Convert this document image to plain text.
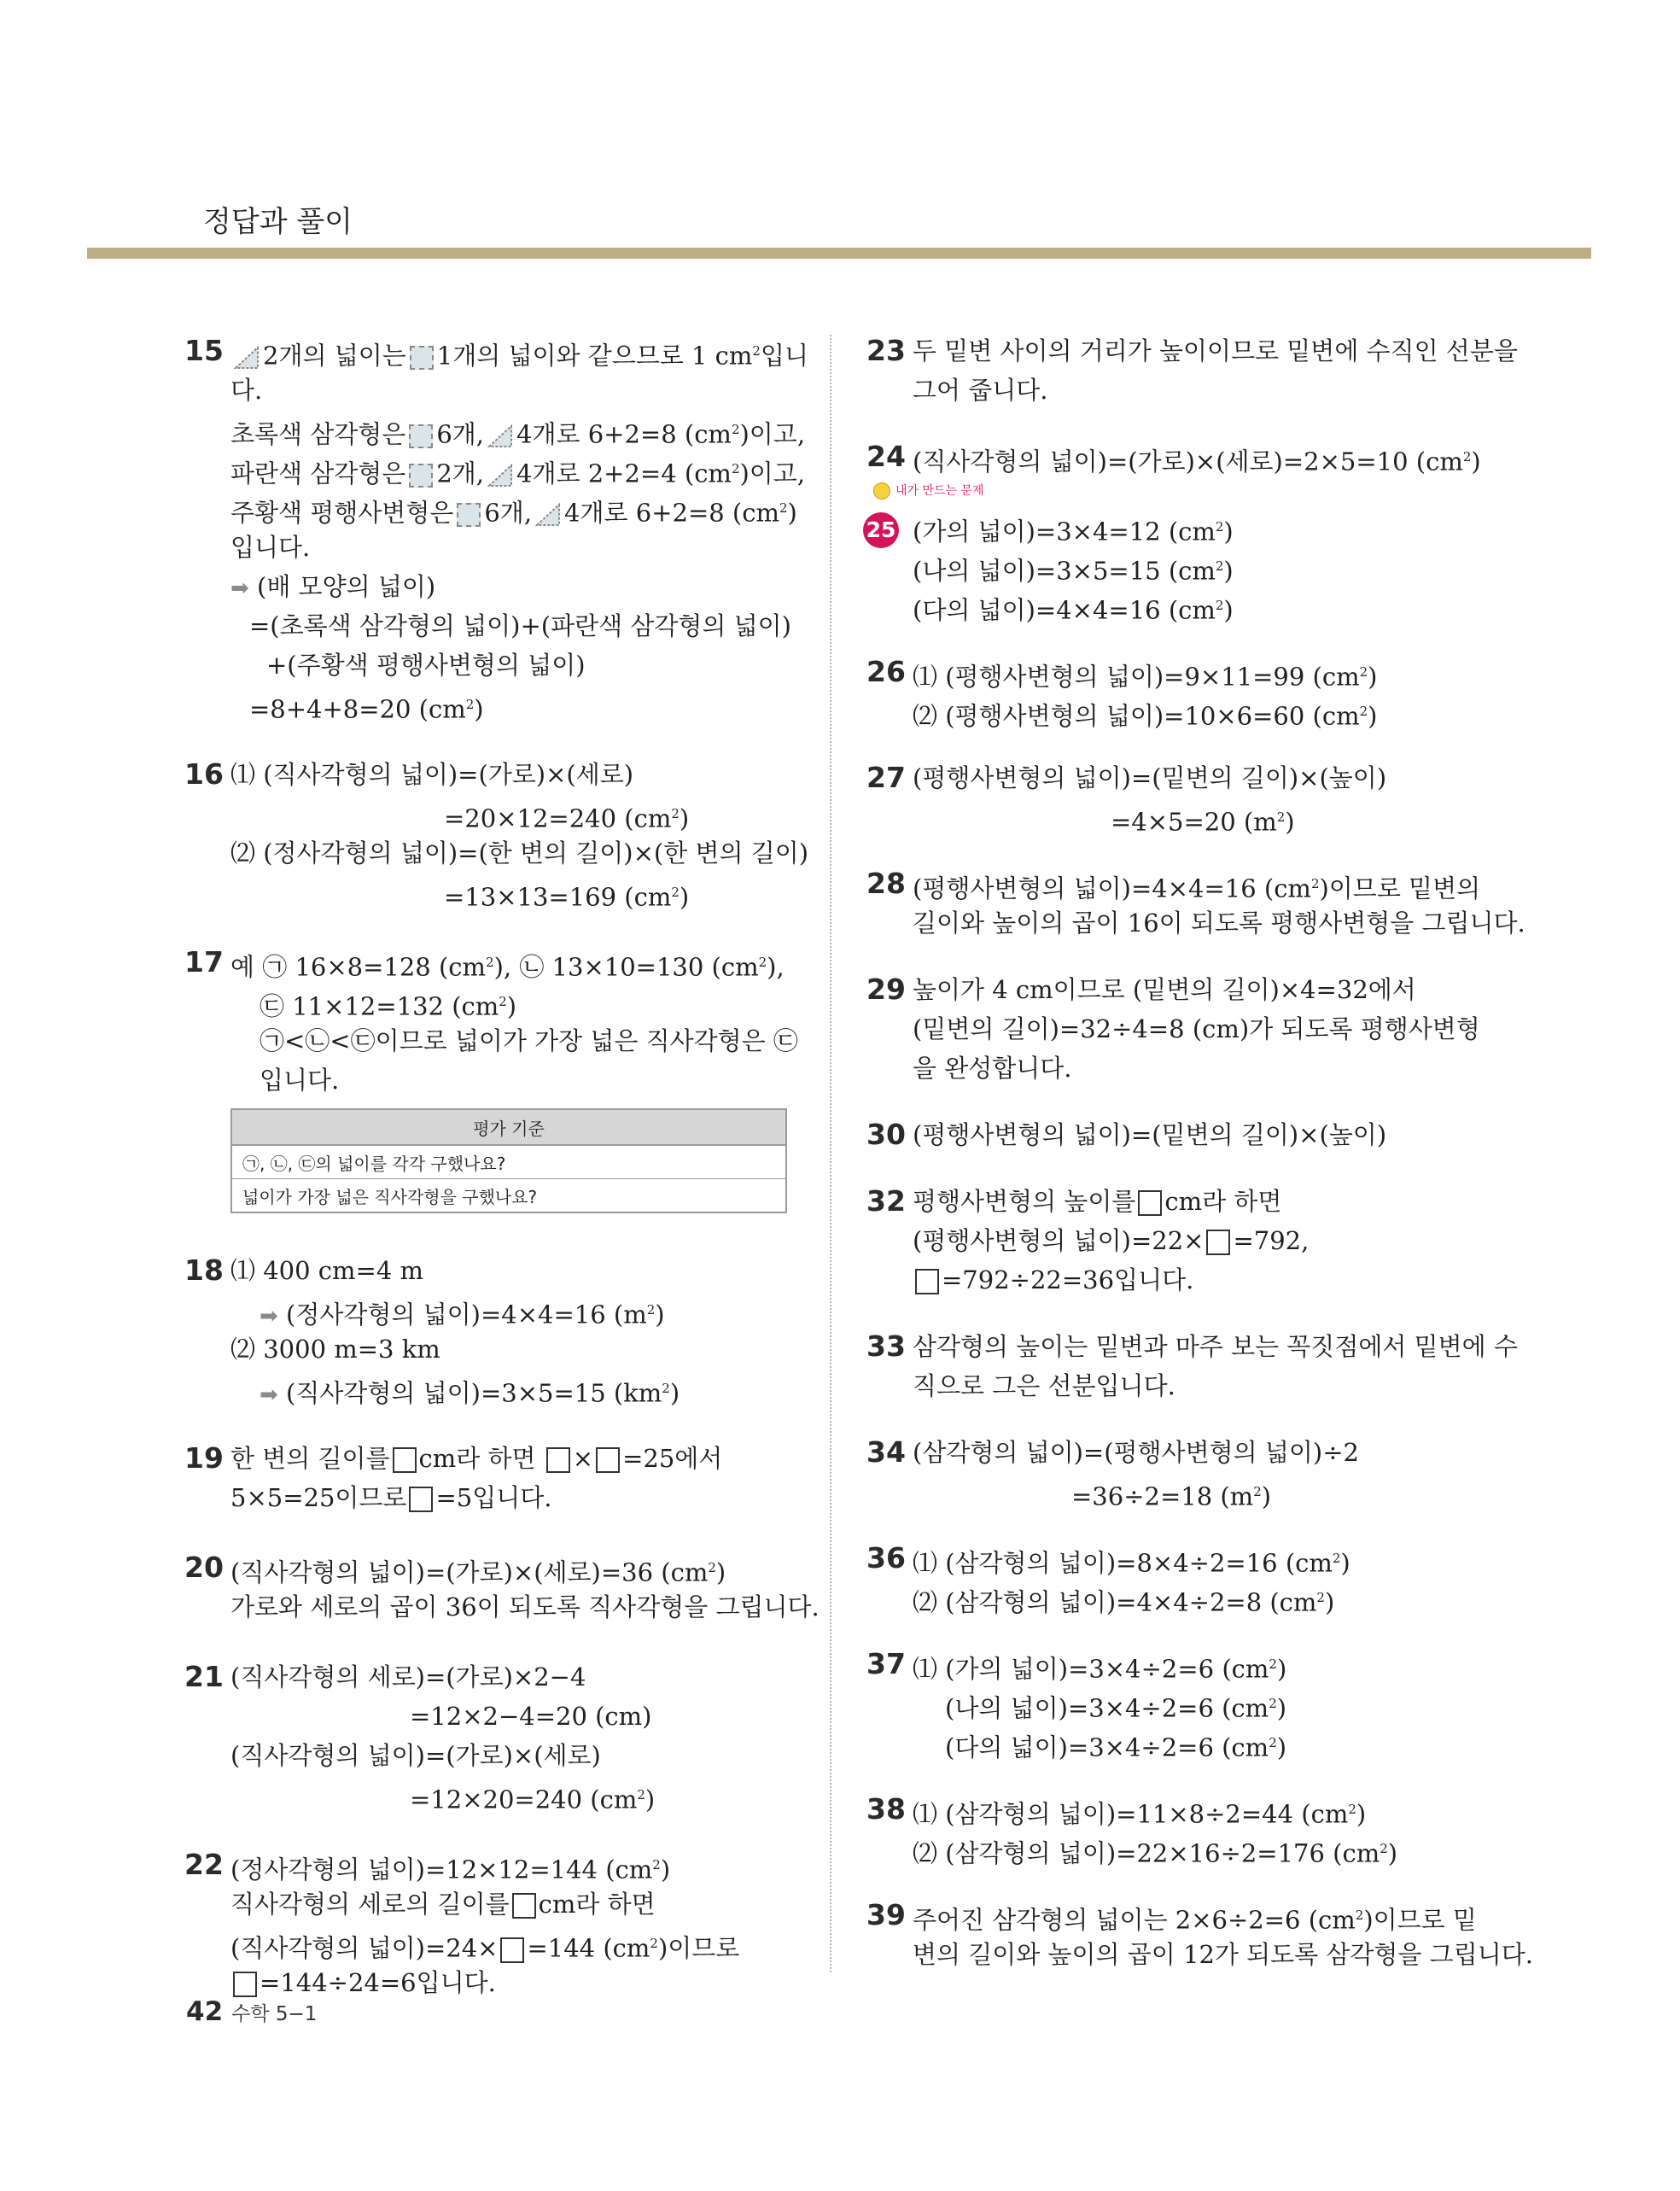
정답과 풀이
15	2개의 넓이는 1개의 넓이와 같으므로 1 $cm^2$입니
다.
초록색 삼각형은 6개, 4개로 6+2=8 $(cm^2)$이고,
파란색 삼각형은 2개, 4개로 2+2=4 $(cm^2)$이고,
주황색 평행사변형은 6개, 4개로 6+2=8 $(cm^2)$
입니다.
➡ (배 모양의 넓이)
=(초록색 삼각형의 넓이)+(파란색 삼각형의 넓이)
+(주황색 평행사변형의 넓이)
=8+4+8=20 $(cm^2)$
16 ⑴ (직사각형의 넓이)=(가로)×(세로)
=20×12=240 $(cm^2)$
⑵ (정사각형의 넓이)=(한 변의 길이)×(한 변의 길이)
=13×13=169 $(cm^2)$
17 예 ㉠ 16×8=128 $(cm^2)$, ㉡ 13×10=130 $(cm^2)$,
㉢ 11×12=132 $(cm^2)$
㉠<㉡<㉢이므로 넓이가 가장 넓은 직사각형은 ㉢
입니다.
평가 기준
㉠, ㉡, ㉢의 넓이를 각각 구했나요?
넓이가 가장 넓은 직사각형을 구했나요?
18 ⑴ 400 cm=4 m
➡ (정사각형의 넓이)=4×4=16 $(m^2)$
⑵ 3000 m=3 km
➡ (직사각형의 넓이)=3×5=15 $(km^2)$
19 한 변의 길이를 cm라 하면 × =25에서
5×5=25이므로 =5입니다.
20 (직사각형의 넓이)=(가로)×(세로)=36 $(cm^2)$
가로와 세로의 곱이 36이 되도록 직사각형을 그립니다.
21 (직사각형의 세로)=(가로)×2−4
=12×2−4=20 (cm)
(직사각형의 넓이)=(가로)×(세로)
=12×20=240 $(cm^2)$
22 (정사각형의 넓이)=12×12=144 $(cm^2)$
직사각형의 세로의 길이를 cm라 하면
(직사각형의 넓이)=24× =144 $(cm^2)$이므로
=144÷24=6입니다.
23 두 밑변 사이의 거리가 높이이므로 밑변에 수직인 선분을
그어 줍니다.
24 (직사각형의 넓이)=(가로)×(세로)=2×5=10 $(cm^2)$
내가 만드는 문제
25 (가의 넓이)=3×4=12 $(cm^2)$
(나의 넓이)=3×5=15 $(cm^2)$
(다의 넓이)=4×4=16 $(cm^2)$
26 ⑴ (평행사변형의 넓이)=9×11=99 $(cm^2)$
⑵ (평행사변형의 넓이)=10×6=60 $(cm^2)$
27 (평행사변형의 넓이)=(밑변의 길이)×(높이)
=4×5=20 $(m^2)$
28 (평행사변형의 넓이)=4×4=16 $(cm^2)$이므로 밑변의
길이와 높이의 곱이 16이 되도록 평행사변형을 그립니다.
29 높이가 4 cm이므로 (밑변의 길이)×4=32에서
(밑변의 길이)=32÷4=8 (cm)가 되도록 평행사변형
을 완성합니다.
30 (평행사변형의 넓이)=(밑변의 길이)×(높이)
32 평행사변형의 높이를 cm라 하면
(평행사변형의 넓이)=22× =792,
=792÷22=36입니다.
33 삼각형의 높이는 밑변과 마주 보는 꼭짓점에서 밑변에 수
직으로 그은 선분입니다.
34 (삼각형의 넓이)=(평행사변형의 넓이)÷2
=36÷2=18 $(m^2)$
36 ⑴ (삼각형의 넓이)=8×4÷2=16 $(cm^2)$
⑵ (삼각형의 넓이)=4×4÷2=8 $(cm^2)$
37 ⑴ (가의 넓이)=3×4÷2=6 $(cm^2)$
(나의 넓이)=3×4÷2=6 $(cm^2)$
(다의 넓이)=3×4÷2=6 $(cm^2)$
38 ⑴ (삼각형의 넓이)=11×8÷2=44 $(cm^2)$
⑵ (삼각형의 넓이)=22×16÷2=176 $(cm^2)$
39 주어진 삼각형의 넓이는 2×6÷2=6 $(cm^2)$이므로 밑
변의 길이와 높이의 곱이 12가 되도록 삼각형을 그립니다.
42 수학 5−1
